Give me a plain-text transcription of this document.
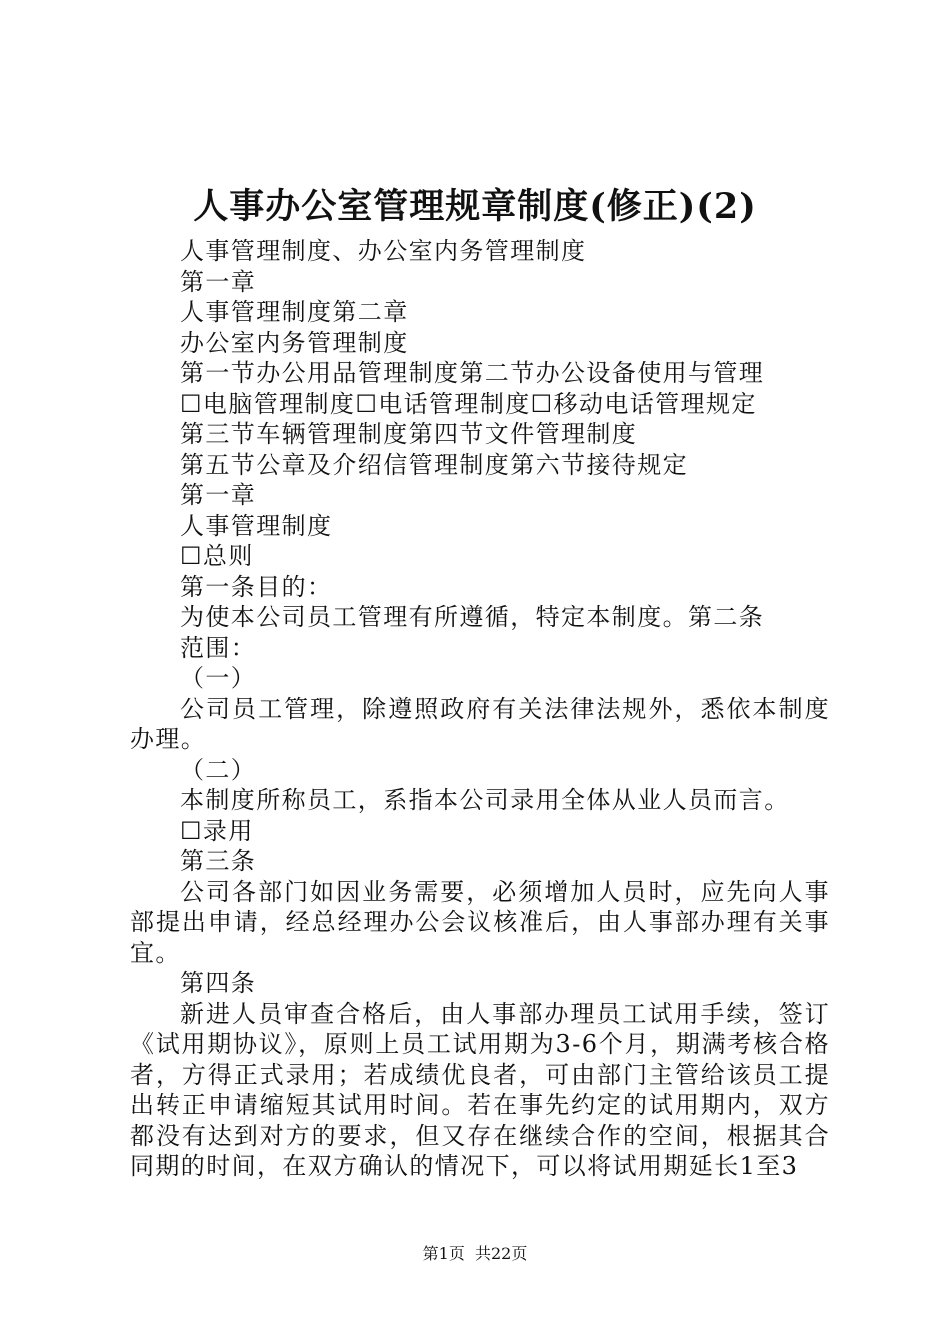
人事办公室管理规章制度(修正)(2)

人事管理制度、办公室内务管理制度

第一章

人事管理制度第二章

办公室内务管理制度

第一节办公用品管理制度第二节办公设备使用与管理

☐电脑管理制度☐电话管理制度☐移动电话管理规定

第三节车辆管理制度第四节文件管理制度

第五节公章及介绍信管理制度第六节接待规定

第一章

人事管理制度

☐总则

第一条目的：

为使本公司员工管理有所遵循，特定本制度。第二条

范围：

（一）

公司员工管理，除遵照政府有关法律法规外，悉依本制度办理。

（二）

本制度所称员工，系指本公司录用全体从业人员而言。

☐录用

第三条

公司各部门如因业务需要，必须增加人员时，应先向人事部提出申请，经总经理办公会议核准后，由人事部办理有关事宜。

第四条

新进人员审查合格后，由人事部办理员工试用手续，签订《试用期协议》，原则上员工试用期为3-6个月，期满考核合格者，方得正式录用；若成绩优良者，可由部门主管给该员工提出转正申请缩短其试用时间。若在事先约定的试用期内，双方都没有达到对方的要求，但又存在继续合作的空间，根据其合同期的时间，在双方确认的情况下，可以将试用期延长1至3

第1页  共22页
